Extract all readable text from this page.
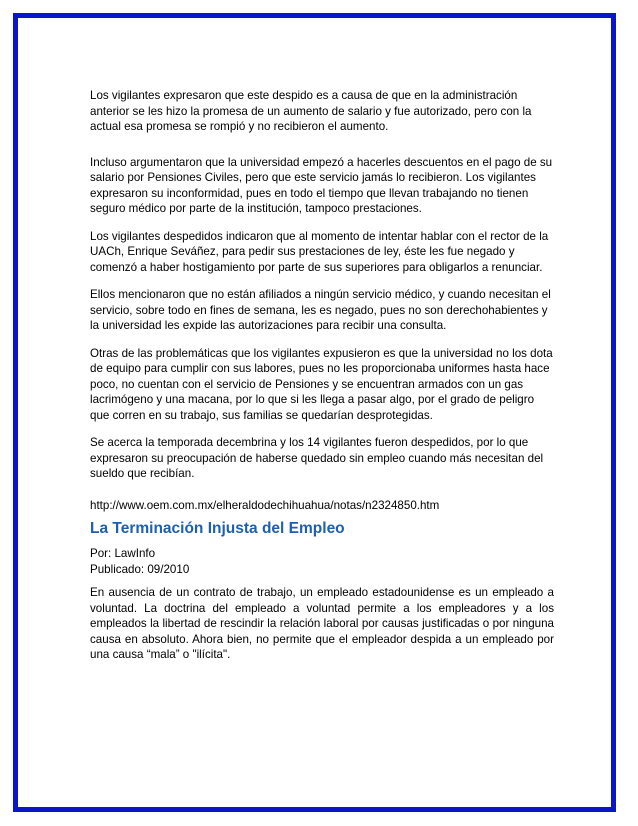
Los vigilantes expresaron que este despido es a causa de que en la administración anterior se les hizo la promesa de un aumento de salario y fue autorizado, pero con la actual esa promesa se rompió y no recibieron el aumento.

Incluso argumentaron que la universidad empezó a hacerles descuentos en el pago de su salario por Pensiones Civiles, pero que este servicio jamás lo recibieron. Los vigilantes expresaron su inconformidad, pues en todo el tiempo que llevan trabajando no tienen seguro médico por parte de la institución, tampoco prestaciones.

Los vigilantes despedidos indicaron que al momento de intentar hablar con el rector de la UACh, Enrique Seváñez, para pedir sus prestaciones de ley, éste les fue negado y comenzó a haber hostigamiento por parte de sus superiores para obligarlos a renunciar.

Ellos mencionaron que no están afiliados a ningún servicio médico, y cuando necesitan el servicio, sobre todo en fines de semana, les es negado, pues no son derechohabientes y la universidad les expide las autorizaciones para recibir una consulta.

Otras de las problemáticas que los vigilantes expusieron es que la universidad no los dota de equipo para cumplir con sus labores, pues no les proporcionaba uniformes hasta hace poco, no cuentan con el servicio de Pensiones y se encuentran armados con un gas lacrimógeno y una macana, por lo que si les llega a pasar algo, por el grado de peligro que corren en su trabajo, sus familias se quedarían desprotegidas.

Se acerca la temporada decembrina y los 14 vigilantes fueron despedidos, por lo que expresaron su preocupación de haberse quedado sin empleo cuando más necesitan del sueldo que recibían.

http://www.oem.com.mx/elheraldodechihuahua/notas/n2324850.htm

La Terminación Injusta del Empleo

Por: LawInfo

Publicado: 09/2010

En ausencia de un contrato de trabajo, un empleado estadounidense es un empleado a voluntad. La doctrina del empleado a voluntad permite a los empleadores y a los empleados la libertad de rescindir la relación laboral por causas justificadas o por ninguna causa en absoluto. Ahora bien, no permite que el empleador despida a un empleado por una causa “mala” o "ilícita".
